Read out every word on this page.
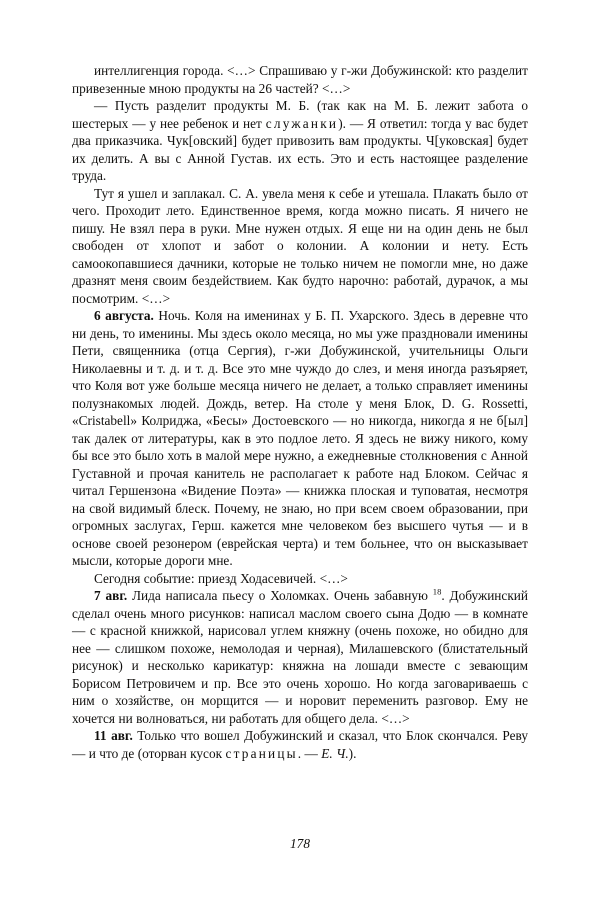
интеллигенция города. <…> Спрашиваю у г-жи Добужинской: кто разделит привезенные мною продукты на 26 частей? <…>

— Пусть разделит продукты М. Б. (так как на М. Б. лежит забота о шестерых — у нее ребенок и нет служанки). — Я ответил: тогда у вас будет два приказчика. Чук[овский] будет привозить вам продукты. Ч[уковская] будет их делить. А вы с Анной Густав. их есть. Это и есть настоящее разделение труда.

Тут я ушел и заплакал. С. А. увела меня к себе и утешала. Плакать было от чего. Проходит лето. Единственное время, когда можно писать. Я ничего не пишу. Не взял пера в руки. Мне нужен отдых. Я еще ни на один день не был свободен от хлопот и забот о колонии. А колонии и нету. Есть самоокопавшиеся дачники, которые не только ничем не помогли мне, но даже дразнят меня своим бездействием. Как будто нарочно: работай, дурачок, а мы посмотрим. <…>

6 августа. Ночь. Коля на именинах у Б. П. Ухарского. Здесь в деревне что ни день, то именины. Мы здесь около месяца, но мы уже праздновали именины Пети, священника (отца Сергия), г-жи Добужинской, учительницы Ольги Николаевны и т. д. и т. д. Все это мне чуждо до слез, и меня иногда разъяряет, что Коля вот уже больше месяца ничего не делает, а только справляет именины полузнакомых людей. Дождь, ветер. На столе у меня Блок, D. G. Rossetti, «Cristabell» Колриджа, «Бесы» Достоевского — но никогда, никогда я не б[ыл] так далек от литературы, как в это подлое лето. Я здесь не вижу никого, кому бы все это было хоть в малой мере нужно, а ежедневные столкновения с Анной Густавной и прочая канитель не располагает к работе над Блоком. Сейчас я читал Гершензона «Видение Поэта» — книжка плоская и туповатая, несмотря на свой видимый блеск. Почему, не знаю, но при всем своем образовании, при огромных заслугах, Герш. кажется мне человеком без высшего чутья — и в основе своей резонером (еврейская черта) и тем больнее, что он высказывает мысли, которые дороги мне.

Сегодня событие: приезд Ходасевичей. <…>

7 авг. Лида написала пьесу о Холомках. Очень забавную $^{18}$. Добужинский сделал очень много рисунков: написал маслом своего сына Додю — в комнате — с красной книжкой, нарисовал углем княжну (очень похоже, но обидно для нее — слишком похоже, немолодая и черная), Милашевского (блистательный рисунок) и несколько карикатур: княжна на лошади вместе с зевающим Борисом Петровичем и пр. Все это очень хорошо. Но когда заговариваешь с ним о хозяйстве, он морщится — и норовит переменить разговор. Ему не хочется ни волноваться, ни работать для общего дела. <…>

11 авг. Только что вошел Добужинский и сказал, что Блок скончался. Реву — и что де (оторван кусок страницы. — Е. Ч.).

178
